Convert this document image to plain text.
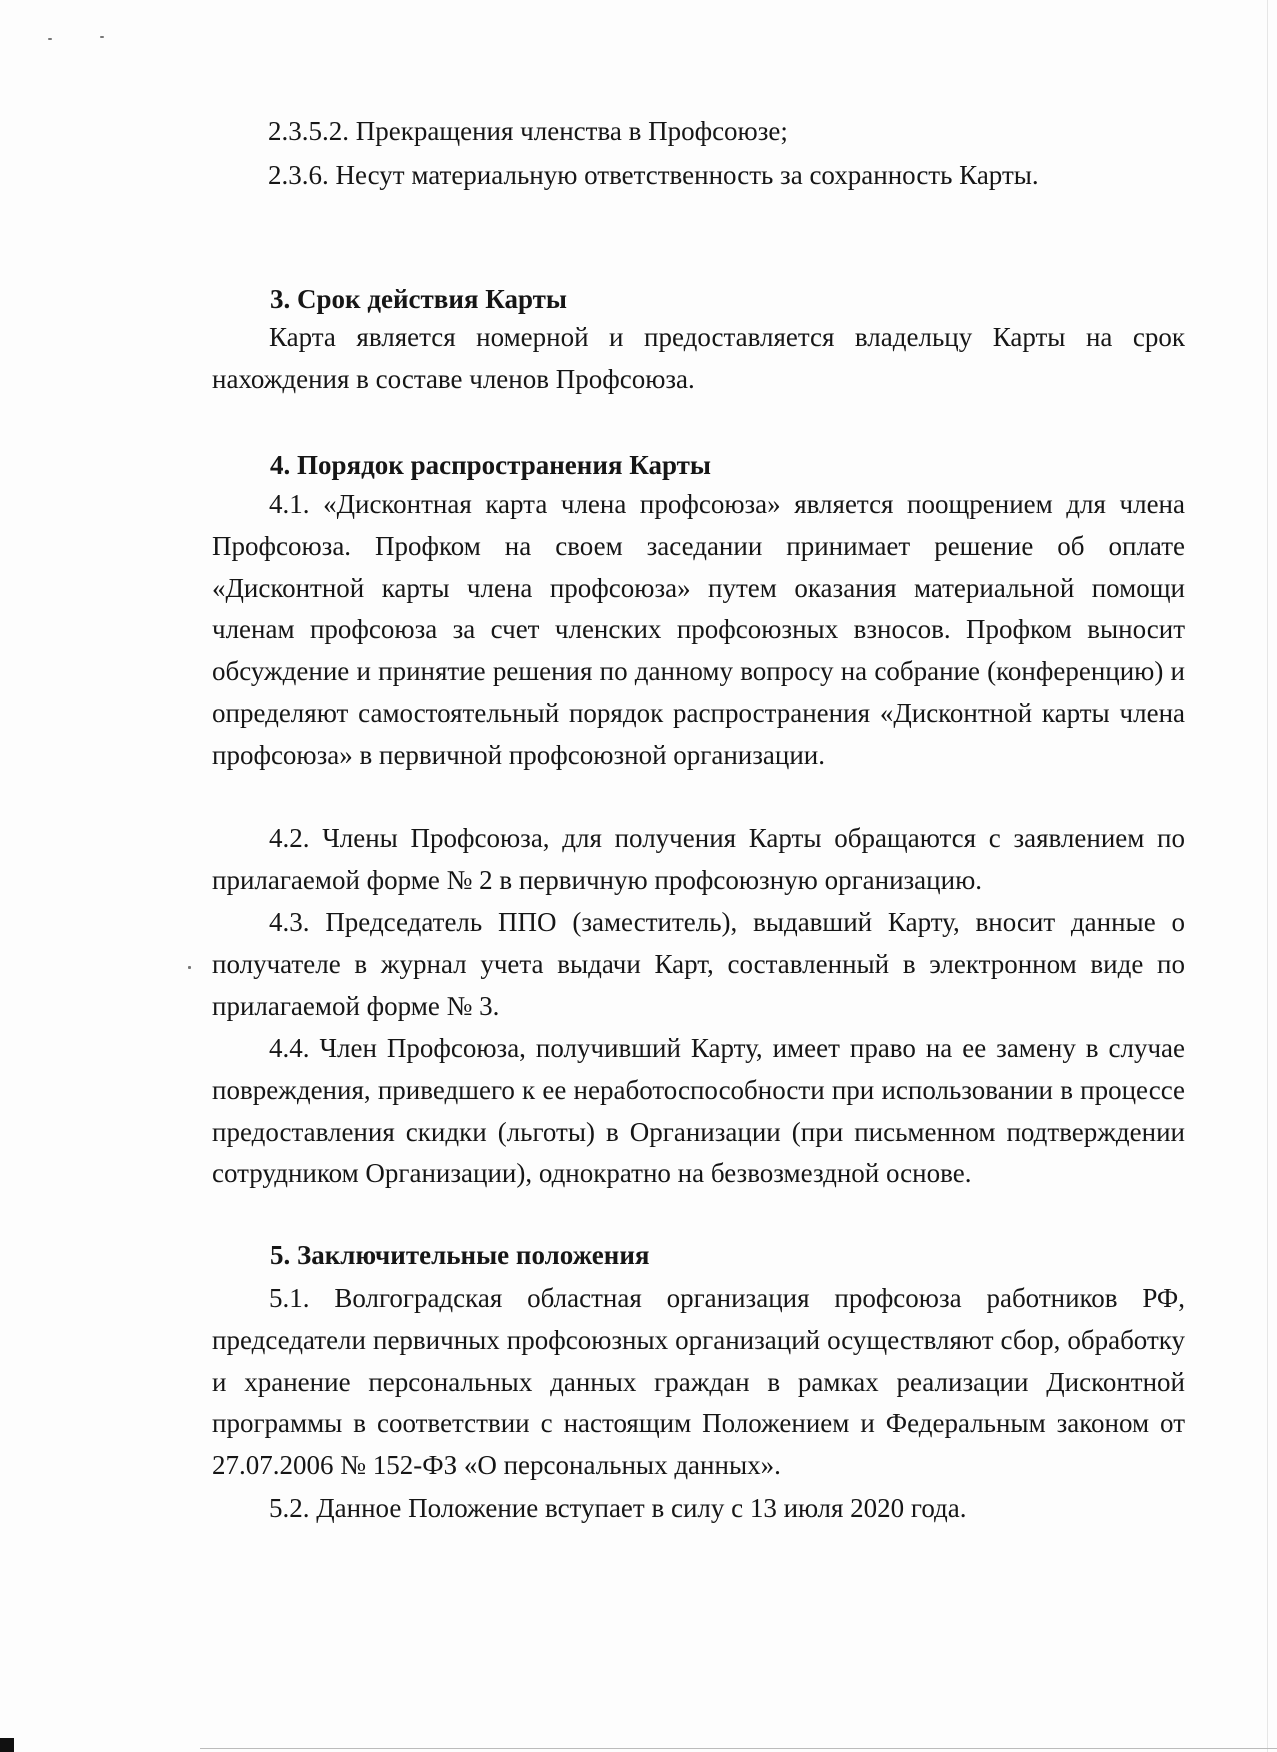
2.3.5.2. Прекращения членства в Профсоюзе;
2.3.6. Несут материальную ответственность за сохранность Карты.
3. Срок действия Карты
Карта является номерной и предоставляется владельцу Карты на срок нахождения в составе членов Профсоюза.
4. Порядок распространения Карты
4.1. «Дисконтная карта члена профсоюза» является поощрением для члена Профсоюза. Профком на своем заседании принимает решение об оплате «Дисконтной карты члена профсоюза» путем оказания материальной помощи членам профсоюза за счет членских профсоюзных взносов. Профком выносит обсуждение и принятие решения по данному вопросу на собрание (конференцию) и определяют самостоятельный порядок распространения «Дисконтной карты члена профсоюза» в первичной профсоюзной организации.
4.2. Члены Профсоюза, для получения Карты обращаются с заявлением по прилагаемой форме № 2 в первичную профсоюзную организацию.
4.3. Председатель ППО (заместитель), выдавший Карту, вносит данные о получателе в журнал учета выдачи Карт, составленный в электронном виде по прилагаемой форме № 3.
4.4. Член Профсоюза, получивший Карту, имеет право на ее замену в случае повреждения, приведшего к ее неработоспособности при использовании в процессе предоставления скидки (льготы) в Организации (при письменном подтверждении сотрудником Организации), однократно на безвозмездной основе.
5. Заключительные положения
5.1. Волгоградская областная организация профсоюза работников РФ, председатели первичных профсоюзных организаций осуществляют сбор, обработку и хранение персональных данных граждан в рамках реализации Дисконтной программы в соответствии с настоящим Положением и Федеральным законом от 27.07.2006 № 152-ФЗ «О персональных данных».
5.2. Данное Положение вступает в силу с 13 июля 2020 года.
